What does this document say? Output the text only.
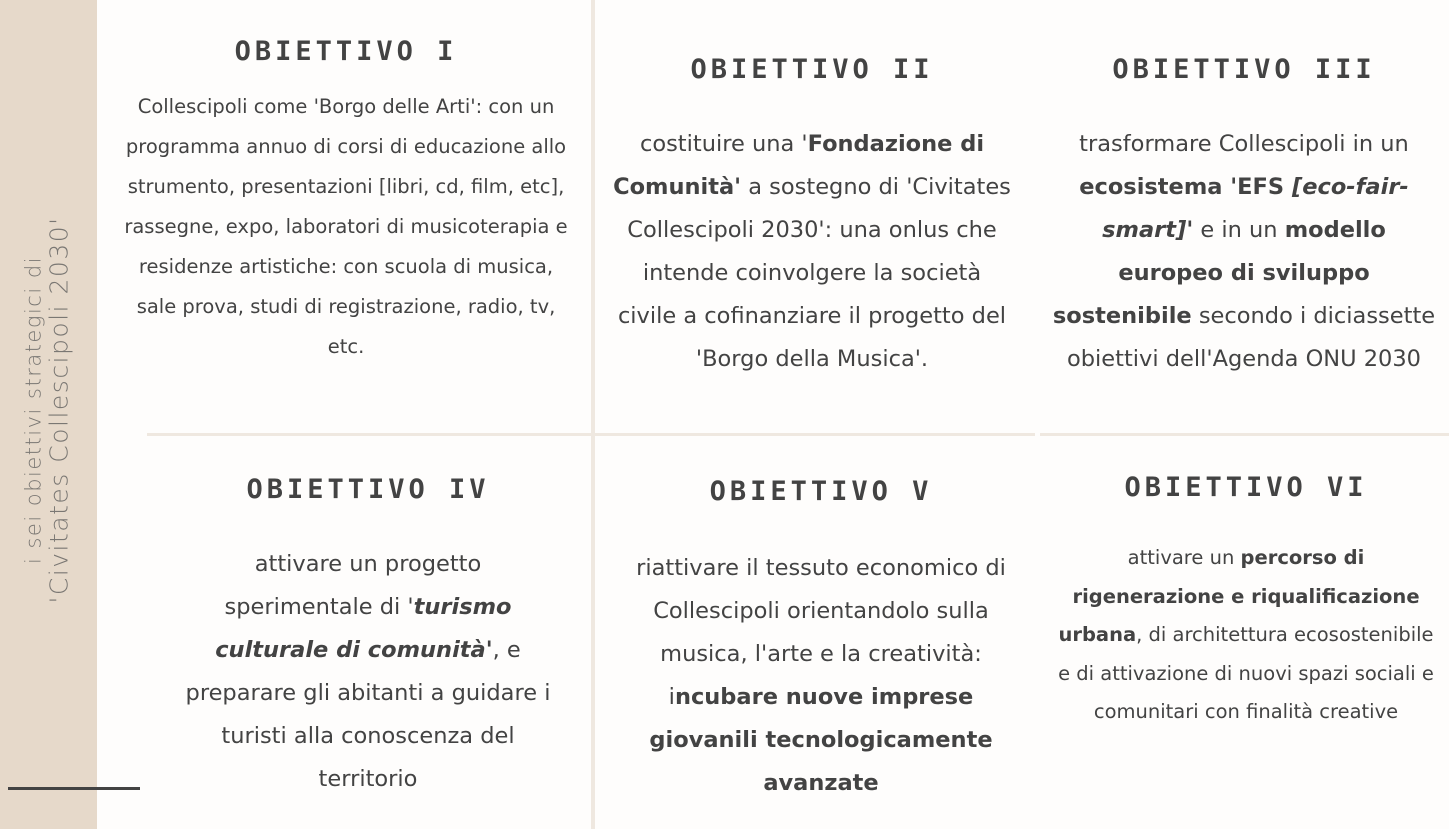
i sei obiettivi strategici di 'Civitates Collescipoli 2030'
OBIETTIVO I
Collescipoli come 'Borgo delle Arti': con un programma annuo di corsi di educazione allo strumento, presentazioni [libri, cd, film, etc], rassegne, expo, laboratori di musicoterapia e residenze artistiche: con scuola di musica, sale prova, studi di registrazione, radio, tv, etc.
OBIETTIVO II
costituire una 'Fondazione di Comunità' a sostegno di 'Civitates Collescipoli 2030': una onlus che intende coinvolgere la società civile a cofinanziare il progetto del 'Borgo della Musica'.
OBIETTIVO III
trasformare Collescipoli in un ecosistema 'EFS [eco-fair-smart]' e in un modello europeo di sviluppo sostenibile secondo i diciassette obiettivi dell'Agenda ONU 2030
OBIETTIVO IV
attivare un progetto sperimentale di 'turismo culturale di comunità', e preparare gli abitanti a guidare i turisti alla conoscenza del territorio
OBIETTIVO V
riattivare il tessuto economico di Collescipoli orientandolo sulla musica, l'arte e la creatività: incubare nuove imprese giovanili tecnologicamente avanzate
OBIETTIVO VI
attivare un percorso di rigenerazione e riqualificazione urbana, di architettura ecosostenibile e di attivazione di nuovi spazi sociali e comunitari con finalità creative
